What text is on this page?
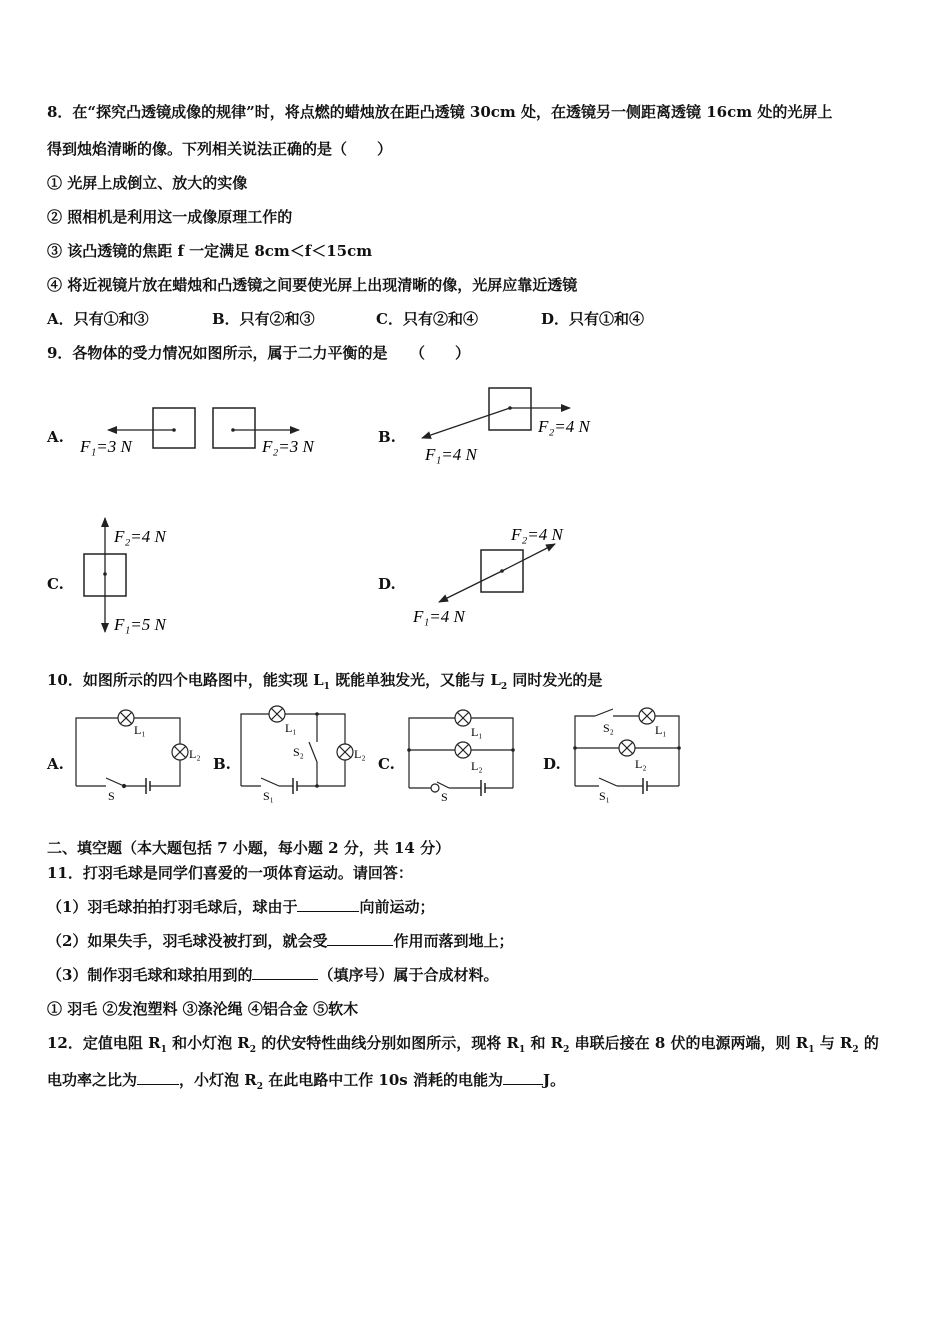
8．在“探究凸透镜成像的规律”时，将点燃的蜡烛放在距凸透镜 30cm 处，在透镜另一侧距离透镜 16cm 处的光屏上
得到烛焰清晰的像。下列相关说法正确的是（　　）
① 光屏上成倒立、放大的实像
② 照相机是利用这一成像原理工作的
③ 该凸透镜的焦距 f 一定满足 8cm＜f＜15cm
④ 将近视镜片放在蜡烛和凸透镜之间要使光屏上出现清晰的像，光屏应靠近透镜
A．只有①和③	B．只有②和③	C．只有②和④	D．只有①和④
9．各物体的受力情况如图所示，属于二力平衡的是　　（　　）
A. F₁=3 N	F₂=3 N	B.
F₂=4 N
F₁=4 N
C.
F₂=4 N
F₁=5 N
D.
F₂=4 N
F₁=4 N
10．如图所示的四个电路图中，能实现 $L_1$ 既能单独发光，又能与 $L_2$ 同时发光的是
A.
L₁
L₂
S
B.
L₁
L₂
S₂
S₁
C.
L₁
L₂
S
D.
S₂	L₁
L₂
S₁
二、填空题（本大题包括 7 小题，每小题 2 分，共 14 分）
11．打羽毛球是同学们喜爱的一项体育运动。请回答：
（1）羽毛球拍拍打羽毛球后，球由于	向前运动；
（2）如果失手，羽毛球没被打到，就会受	作用而落到地上；
（3）制作羽毛球和球拍用到的	（填序号）属于合成材料。
① 羽毛 ②发泡塑料 ③涤沦绳 ④铝合金 ⑤软木
12．定值电阻 $R_1$ 和小灯泡 $R_2$ 的伏安特性曲线分别如图所示，现将 $R_1$ 和 $R_2$ 串联后接在 8 伏的电源两端，则 $R_1$ 与 $R_2$ 的
电功率之比为	，小灯泡 $R_2$ 在此电路中工作 10s 消耗的电能为	J。
